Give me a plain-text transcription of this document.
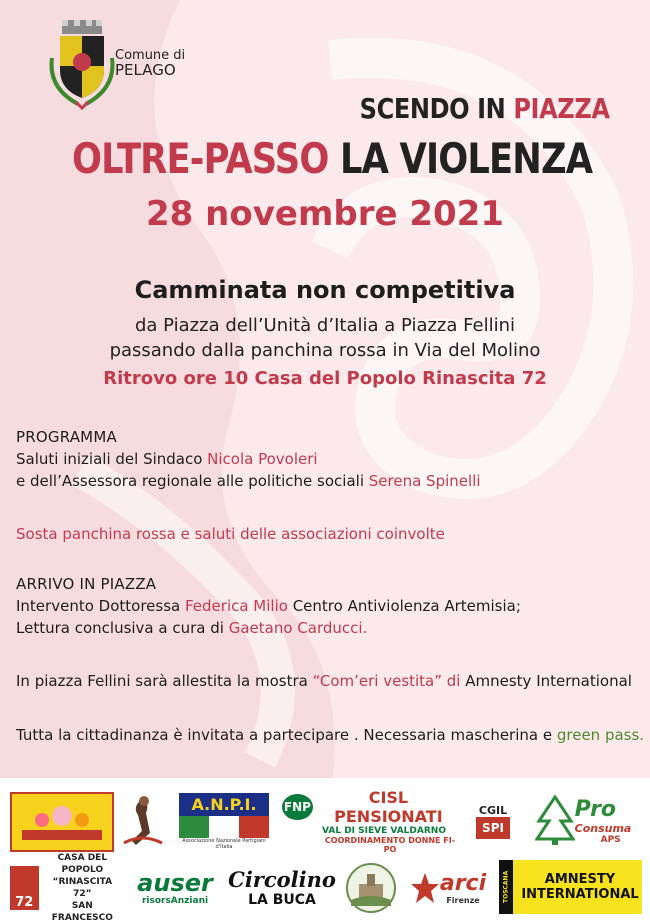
Comune di
PELAGO
SCENDO IN PIAZZA
OLTRE-PASSO LA VIOLENZA
28 novembre 2021
Camminata non competitiva
da Piazza dell’Unità d’Italia a Piazza Fellini
passando dalla panchina rossa in Via del Molino
Ritrovo ore 10 Casa del Popolo Rinascita 72
PROGRAMMA
Saluti iniziali del Sindaco Nicola Povoleri
e dell’Assessora regionale alle politiche sociali Serena Spinelli
Sosta panchina rossa e saluti delle associazioni coinvolte
ARRIVO IN PIAZZA
Intervento Dottoressa Federica Milio Centro Antiviolenza Artemisia;
Lettura conclusiva a cura di Gaetano Carducci.
In piazza Fellini sarà allestita la mostra “Com’eri vestita” di Amnesty International
Tutta la cittadinanza è invitata a partecipare . Necessaria mascherina e green pass.
A.N.P.I.
Associazione Nazionale Partigiani d'Italia
FNP	CISL PENSIONATI
VAL DI SIEVE VALDARNO
COORDINAMENTO DONNE FI-PO
CGIL
SPI
Pro
Consuma
APS
72
CASA DEL POPOLO
“RINASCITA 72”
SAN FRANCESCO
auser
risorsAnziani
Circolino
LA BUCA
arci
Firenze	TOSCANA	AMNESTY
INTERNATIONAL
